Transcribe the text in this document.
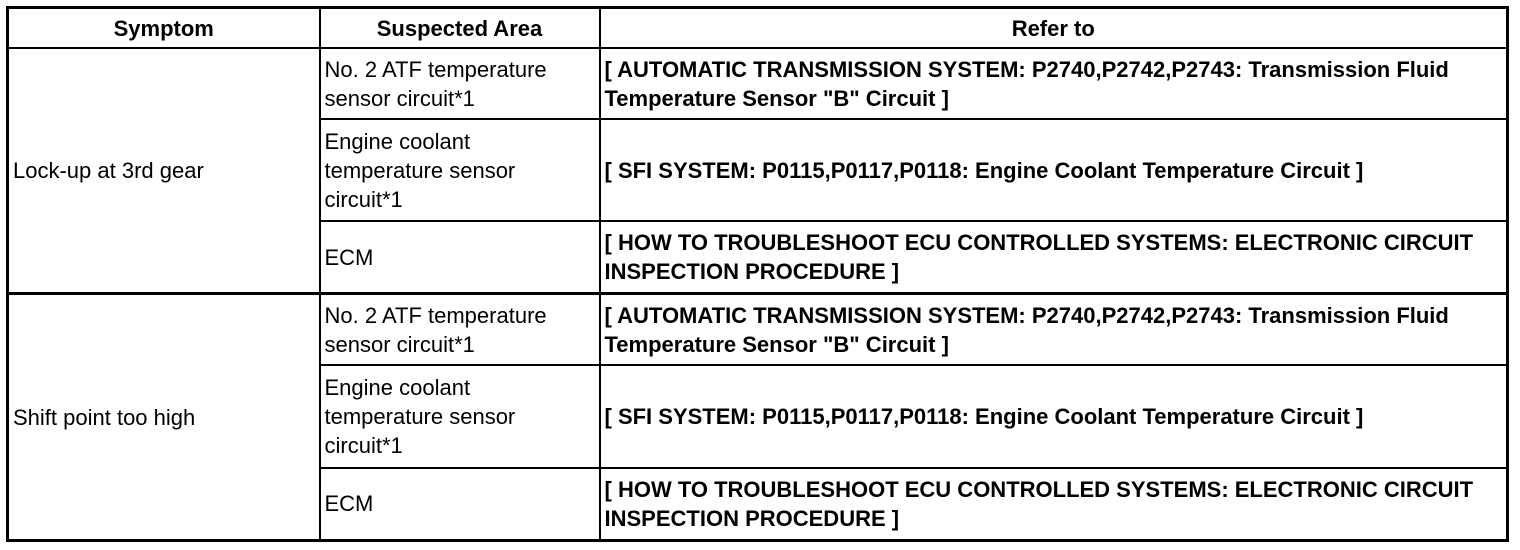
Symptom	Suspected Area	Refer to
Lock-up at 3rd gear	No. 2 ATF temperature sensor circuit*1	[ AUTOMATIC TRANSMISSION SYSTEM: P2740,P2742,P2743: Transmission Fluid Temperature Sensor "B" Circuit ]
	Engine coolant temperature sensor circuit*1	[ SFI SYSTEM: P0115,P0117,P0118: Engine Coolant Temperature Circuit ]
	ECM	[ HOW TO TROUBLESHOOT ECU CONTROLLED SYSTEMS: ELECTRONIC CIRCUIT INSPECTION PROCEDURE ]
Shift point too high	No. 2 ATF temperature sensor circuit*1	[ AUTOMATIC TRANSMISSION SYSTEM: P2740,P2742,P2743: Transmission Fluid Temperature Sensor "B" Circuit ]
	Engine coolant temperature sensor circuit*1	[ SFI SYSTEM: P0115,P0117,P0118: Engine Coolant Temperature Circuit ]
	ECM	[ HOW TO TROUBLESHOOT ECU CONTROLLED SYSTEMS: ELECTRONIC CIRCUIT INSPECTION PROCEDURE ]
